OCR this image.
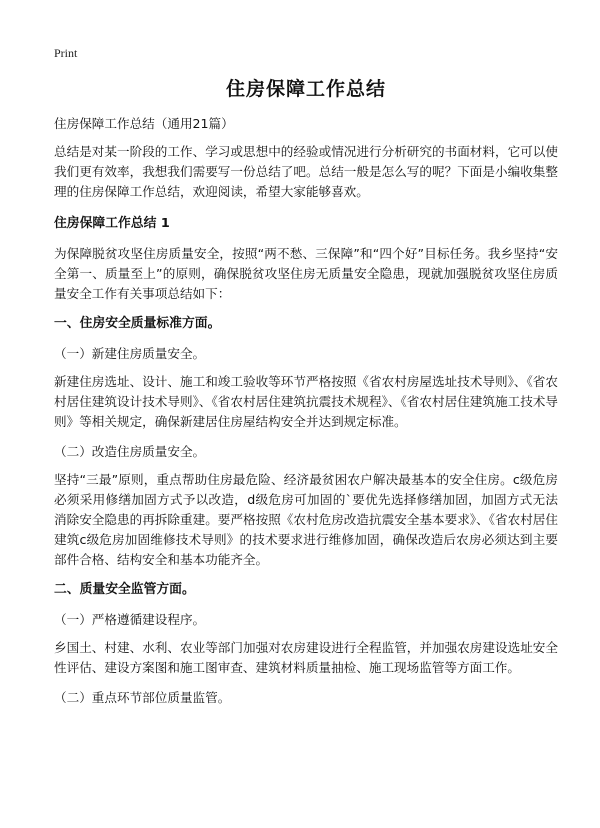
Print
住房保障工作总结

住房保障工作总结（通用21篇）

总结是对某一阶段的工作、学习或思想中的经验或情况进行分析研究的书面材料，它可以使我们更有效率，我想我们需要写一份总结了吧。总结一般是怎么写的呢？下面是小编收集整理的住房保障工作总结，欢迎阅读，希望大家能够喜欢。

住房保障工作总结 1

为保障脱贫攻坚住房质量安全，按照“两不愁、三保障”和“四个好”目标任务。我乡坚持“安全第一、质量至上”的原则，确保脱贫攻坚住房无质量安全隐患，现就加强脱贫攻坚住房质量安全工作有关事项总结如下：

一、住房安全质量标准方面。

（一）新建住房质量安全。

新建住房选址、设计、施工和竣工验收等环节严格按照《省农村房屋选址技术导则》、《省农村居住建筑设计技术导则》、《省农村居住建筑抗震技术规程》、《省农村居住建筑施工技术导则》等相关规定，确保新建居住房屋结构安全并达到规定标准。

（二）改造住房质量安全。

坚持“三最”原则，重点帮助住房最危险、经济最贫困农户解决最基本的安全住房。c级危房必须采用修缮加固方式予以改造，d级危房可加固的`要优先选择修缮加固，加固方式无法消除安全隐患的再拆除重建。要严格按照《农村危房改造抗震安全基本要求》、《省农村居住建筑c级危房加固维修技术导则》的技术要求进行维修加固，确保改造后农房必须达到主要部件合格、结构安全和基本功能齐全。

二、质量安全监管方面。

（一）严格遵循建设程序。

乡国土、村建、水利、农业等部门加强对农房建设进行全程监管，并加强农房建设选址安全性评估、建设方案图和施工图审查、建筑材料质量抽检、施工现场监管等方面工作。

（二）重点环节部位质量监管。
